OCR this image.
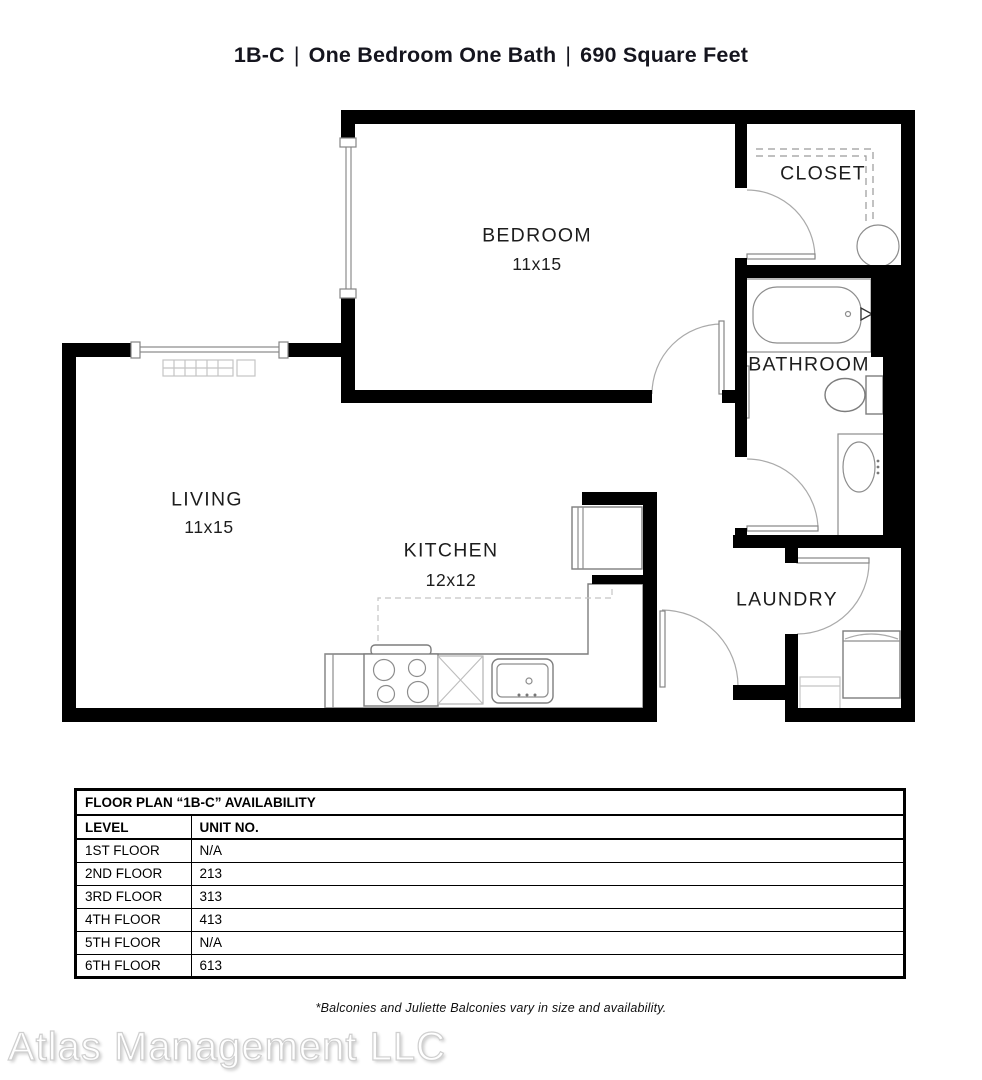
1B-C | One Bedroom One Bath | 690 Square Feet
BEDROOM
11x15
CLOSET
BATHROOM
LIVING
11x15
KITCHEN
12x12
LAUNDRY
FLOOR PLAN “1B-C” AVAILABILITY	
LEVEL	UNIT NO.
1ST FLOOR	N/A
2ND FLOOR	213
3RD FLOOR	313
4TH FLOOR	413
5TH FLOOR	N/A
6TH FLOOR	613
*Balconies and Juliette Balconies vary in size and availability.
Atlas Management LLC
